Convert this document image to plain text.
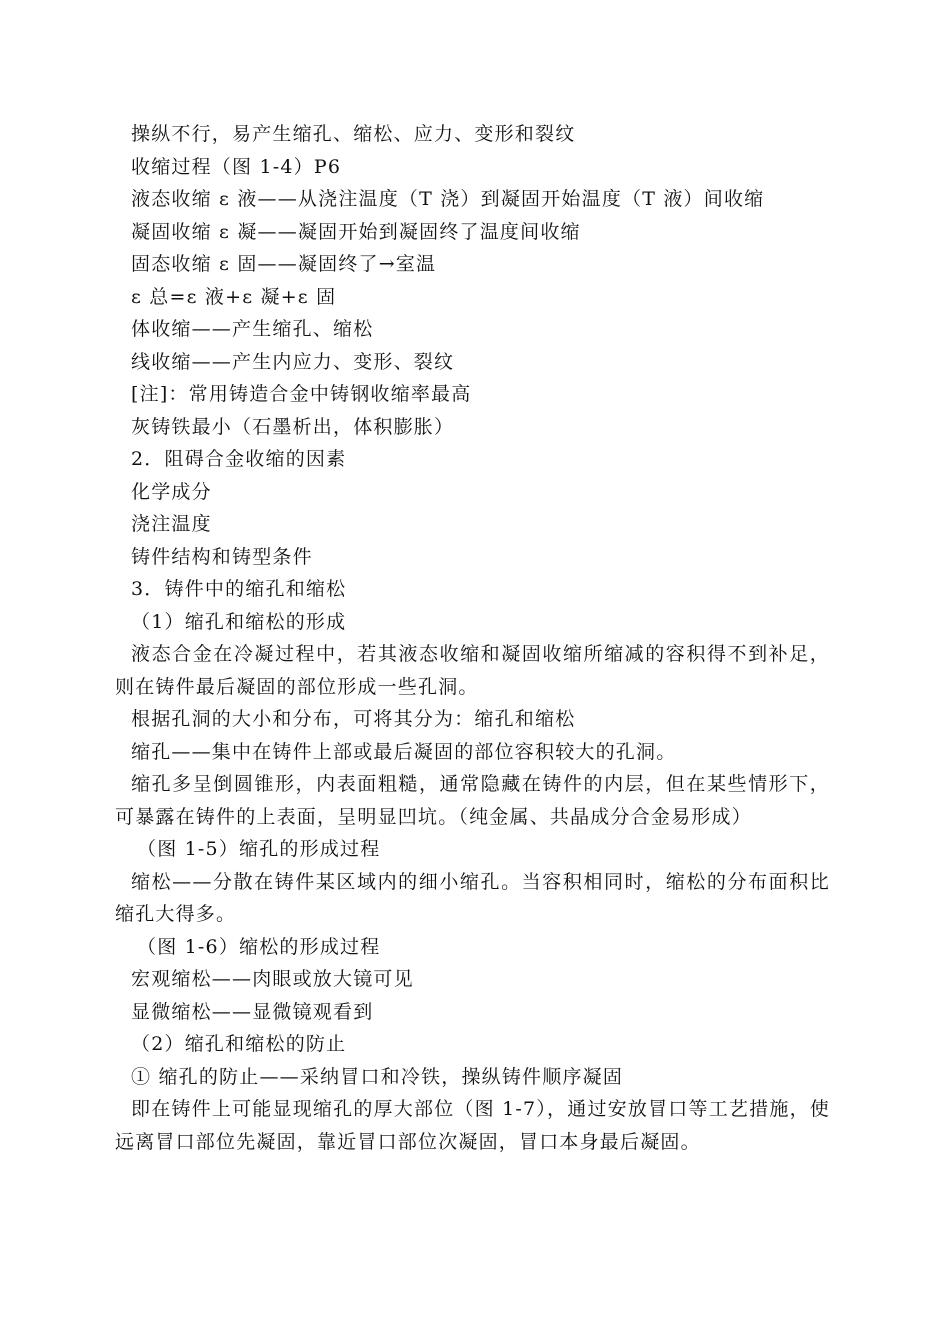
操纵不行，易产生缩孔、缩松、应力、变形和裂纹
收缩过程（图 1-4）P6
液态收缩 ε 液——从浇注温度（T 浇）到凝固开始温度（T 液）间收缩
凝固收缩 ε 凝——凝固开始到凝固终了温度间收缩
固态收缩 ε 固——凝固终了→室温
ε 总=ε 液+ε 凝+ε 固
体收缩——产生缩孔、缩松
线收缩——产生内应力、变形、裂纹
[注]：常用铸造合金中铸钢收缩率最高
灰铸铁最小（石墨析出，体积膨胀）
2．阻碍合金收缩的因素
化学成分
浇注温度
铸件结构和铸型条件
3．铸件中的缩孔和缩松
（1）缩孔和缩松的形成
液态合金在冷凝过程中，若其液态收缩和凝固收缩所缩减的容积得不到补足，则在铸件最后凝固的部位形成一些孔洞。
根据孔洞的大小和分布，可将其分为：缩孔和缩松
缩孔——集中在铸件上部或最后凝固的部位容积较大的孔洞。
缩孔多呈倒圆锥形，内表面粗糙，通常隐藏在铸件的内层，但在某些情形下，可暴露在铸件的上表面，呈明显凹坑。（纯金属、共晶成分合金易形成）
（图 1-5）缩孔的形成过程
缩松——分散在铸件某区域内的细小缩孔。当容积相同时，缩松的分布面积比缩孔大得多。
（图 1-6）缩松的形成过程
宏观缩松——肉眼或放大镜可见
显微缩松——显微镜观看到
（2）缩孔和缩松的防止
① 缩孔的防止——采纳冒口和冷铁，操纵铸件顺序凝固
即在铸件上可能显现缩孔的厚大部位（图 1-7），通过安放冒口等工艺措施，使远离冒口部位先凝固，靠近冒口部位次凝固，冒口本身最后凝固。
